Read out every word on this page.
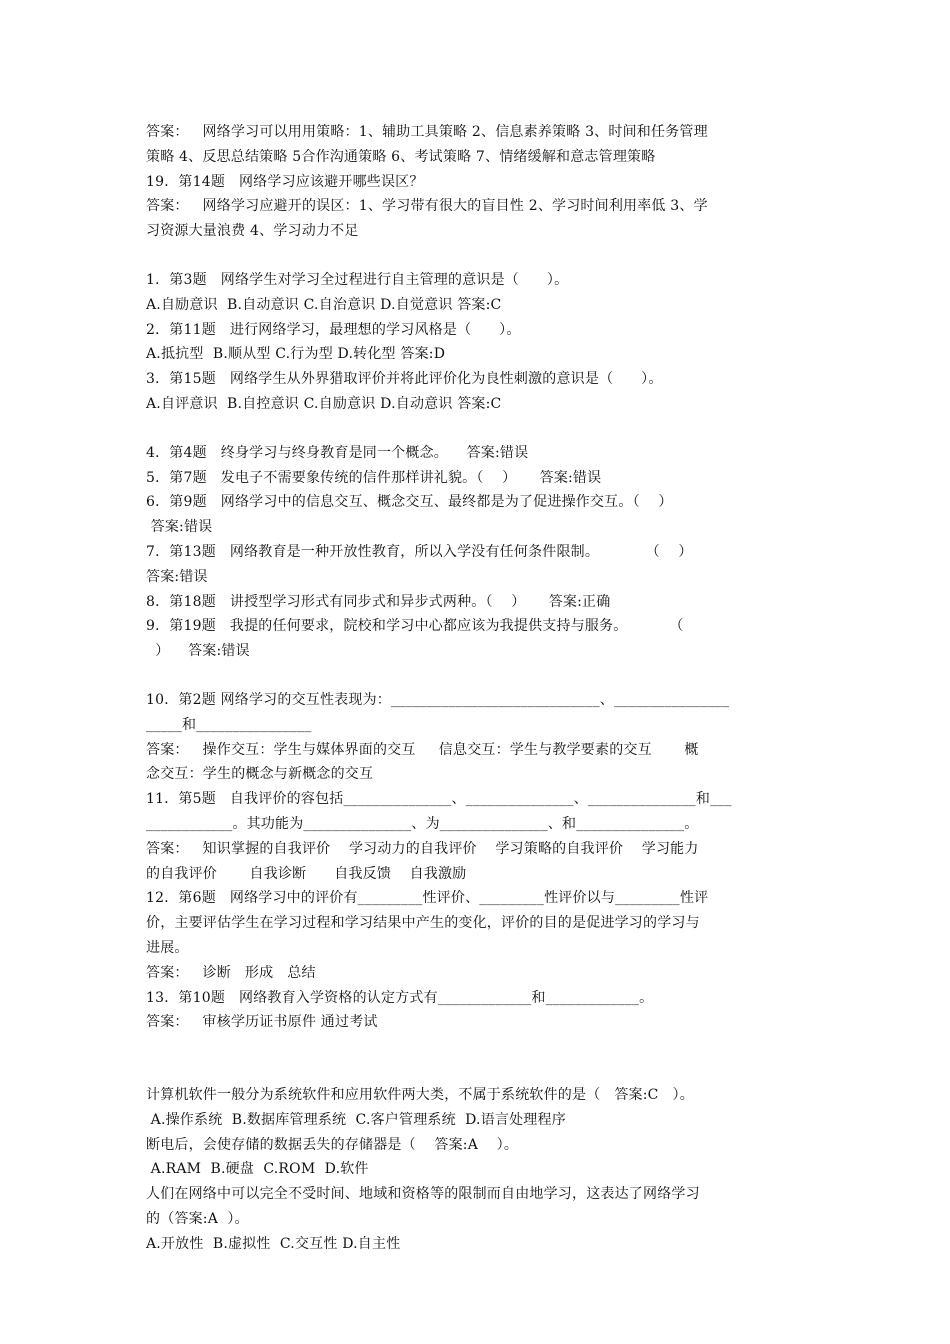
答案：   网络学习可以用用策略：1、辅助工具策略 2、信息素养策略 3、时间和任务管理
策略 4、反思总结策略 5合作沟通策略 6、考试策略 7、情绪缓解和意志管理策略
19．第14题   网络学习应该避开哪些误区？
答案：   网络学习应避开的误区：1、学习带有很大的盲目性 2、学习时间利用率低 3、学
习资源大量浪费 4、学习动力不足
1．第3题   网络学生对学习全过程进行自主管理的意识是（      ）。
A.自励意识  B.自动意识 C.自治意识 D.自觉意识 答案:C
2．第11题   进行网络学习，最理想的学习风格是（      ）。
A.抵抗型  B.顺从型 C.行为型 D.转化型 答案:D
3．第15题   网络学生从外界猎取评价并将此评价化为良性刺激的意识是（      ）。
A.自评意识  B.自控意识 C.自励意识 D.自动意识 答案:C
4．第4题   终身学习与终身教育是同一个概念。    答案:错误
5．第7题   发电子不需要象传统的信件那样讲礼貌。（    ）     答案:错误
6．第9题   网络学习中的信息交互、概念交互、最终都是为了促进操作交互。（    ）
答案:错误
7．第13题   网络教育是一种开放性教育，所以入学没有任何条件限制。          （    ）
答案:错误
8．第18题   讲授型学习形式有同步式和异步式两种。（    ）     答案:正确
9．第19题   我提的任何要求，院校和学习中心都应该为我提供支持与服务。         （
）    答案:错误
10．第2题 网络学习的交互性表现为：_____________________________、________________
_____和________________
答案：   操作交互：学生与媒体界面的交互     信息交互：学生与教学要素的交互       概
念交互：学生的概念与新概念的交互
11．第5题   自我评价的容包括_______________、_______________、_______________和___
____________。其功能为_______________、为_______________、和_______________。
答案：   知识掌握的自我评价    学习动力的自我评价    学习策略的自我评价    学习能力
的自我评价       自我诊断      自我反馈    自我激励
12．第6题   网络学习中的评价有_________性评价、_________性评价以与_________性评
价，主要评估学生在学习过程和学习结果中产生的变化，评价的目的是促进学习的学习与
进展。
答案：   诊断   形成   总结
13．第10题   网络教育入学资格的认定方式有_____________和_____________。
答案：   审核学历证书原件 通过考试
计算机软件一般分为系统软件和应用软件两大类，不属于系统软件的是（   答案:C   ）。
A.操作系统  B.数据库管理系统  C.客户管理系统  D.语言处理程序
断电后，会使存储的数据丢失的存储器是（    答案:A    ）。
A.RAM  B.硬盘  C.ROM  D.软件
人们在网络中可以完全不受时间、地域和资格等的限制而自由地学习，这表达了网络学习
的（答案:A  ）。
A.开放性  B.虚拟性  C.交互性 D.自主性
